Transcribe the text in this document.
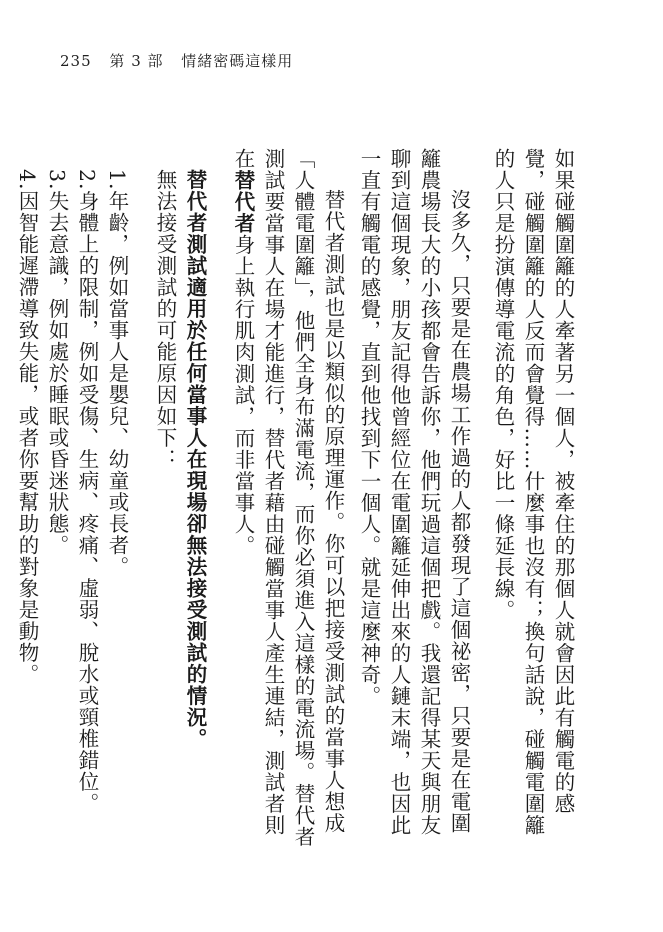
235 第 3 部 情緒密碼這樣用

如果碰觸圍籬的人牽著另一個人，被牽住的那個人就會因此有觸電的感覺，碰觸圍籬的人反而會覺得……什麼事也沒有；換句話說，碰觸電圍籬的人只是扮演傳導電流的角色，好比一條延長線。

沒多久，只要是在農場工作過的人都發現了這個祕密，只要是在電圍籬農場長大的小孩都會告訴你，他們玩過這個把戲。我還記得某天與朋友聊到這個現象，朋友記得他曾經位在電圍籬延伸出來的人鏈末端，也因此一直有觸電的感覺，直到他找到下一個人。就是這麼神奇。

替代者測試也是以類似的原理運作。你可以把接受測試的當事人想成「人體電圍籬」，他們全身布滿電流，而你必須進入這樣的電流場。替代者測試要當事人在場才能進行，替代者藉由碰觸當事人產生連結，測試者則在替代者身上執行肌肉測試，而非當事人。

替代者測試適用於任何當事人在現場卻無法接受測試的情況。

無法接受測試的可能原因如下：

1.年齡，例如當事人是嬰兒、幼童或長者。

2.身體上的限制，例如受傷、生病、疼痛、虛弱、脫水或頸椎錯位。

3.失去意識，例如處於睡眠或昏迷狀態。

4.因智能遲滯導致失能，或者你要幫助的對象是動物。
